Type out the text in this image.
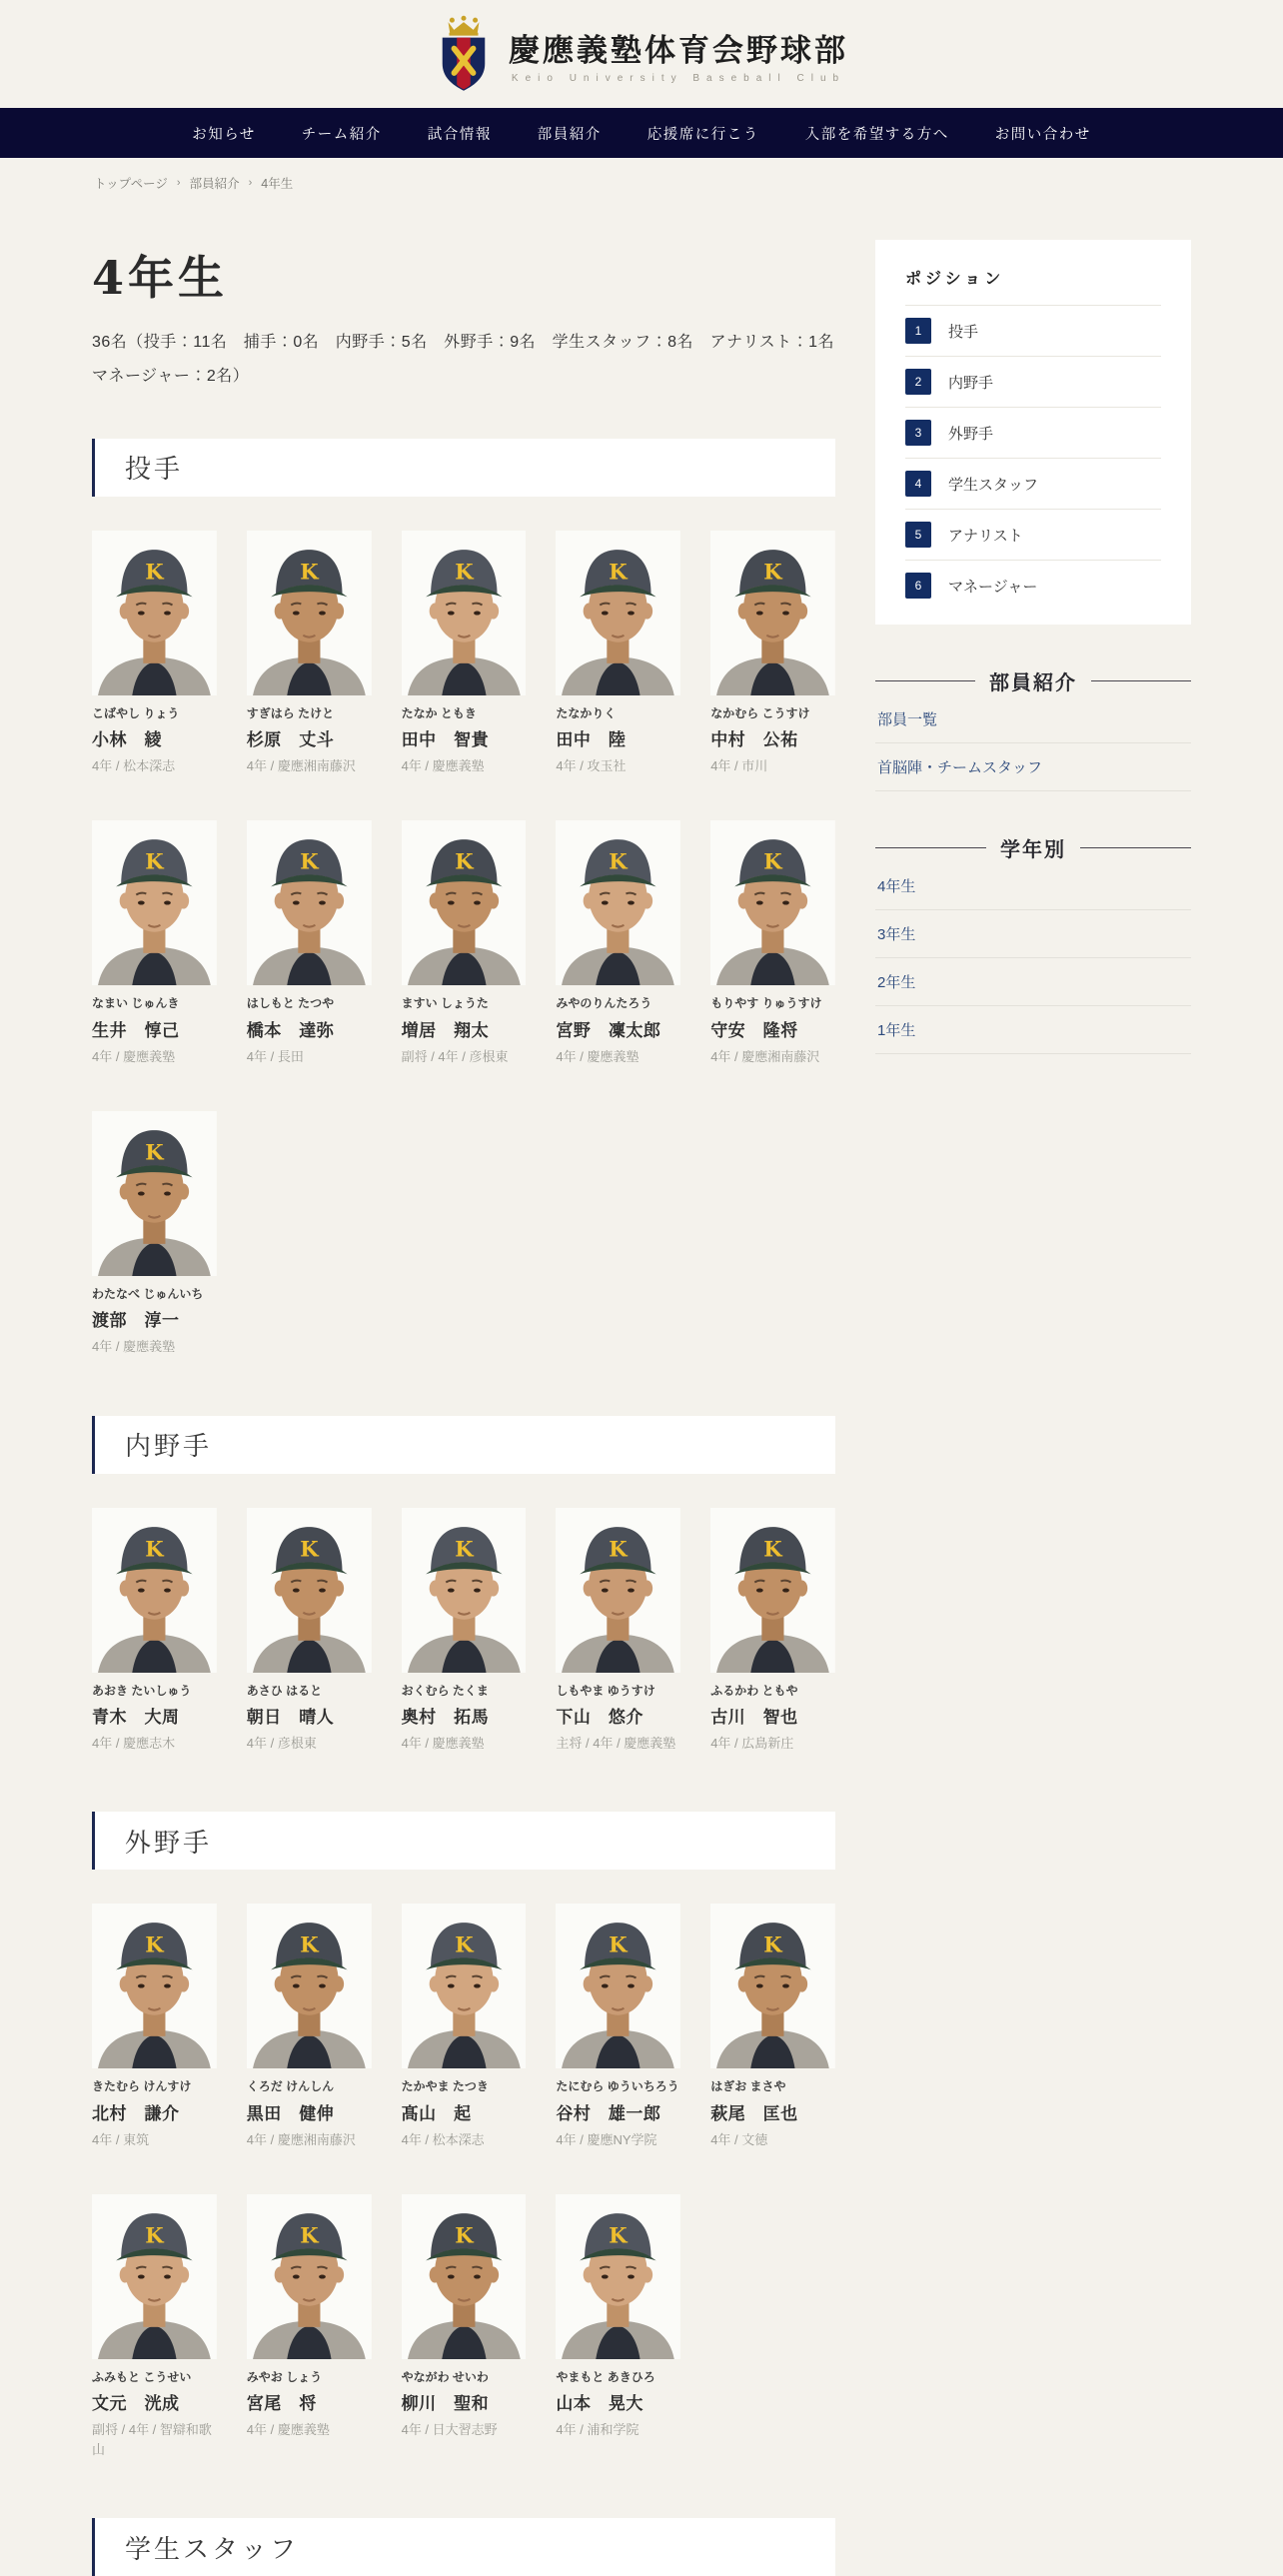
慶應義塾体育会野球部
Keio University Baseball Club
お知らせ	チーム紹介	試合情報	部員紹介	応援席に行こう	入部を希望する方へ	お問い合わせ
トップページ › 部員紹介 › 4年生
4年生

36名（投手：11名　捕手：0名　内野手：5名　外野手：9名　学生スタッフ：8名　アナリスト：1名　マネージャー：2名）

投手
K
こばやし りょう
小林　綾
4年 / 松本深志
K
すぎはら たけと
杉原　丈斗
4年 / 慶應湘南藤沢
K
たなか ともき
田中　智貴
4年 / 慶應義塾
K
たなかりく
田中　陸
4年 / 攻玉社
K
なかむら こうすけ
中村　公祐
4年 / 市川
K
なまい じゅんき
生井　惇己
4年 / 慶應義塾
K
はしもと たつや
橋本　達弥
4年 / 長田
K
ますい しょうた
増居　翔太
副将 / 4年 / 彦根東
K
みやのりんたろう
宮野　凜太郎
4年 / 慶應義塾
K
もりやす りゅうすけ
守安　隆将
4年 / 慶應湘南藤沢
K
わたなべ じゅんいち
渡部　淳一
4年 / 慶應義塾
内野手
K
あおき たいしゅう
青木　大周
4年 / 慶應志木
K
あさひ はると
朝日　晴人
4年 / 彦根東
K
おくむら たくま
奥村　拓馬
4年 / 慶應義塾
K
しもやま ゆうすけ
下山　悠介
主将 / 4年 / 慶應義塾
K
ふるかわ ともや
古川　智也
4年 / 広島新庄
外野手
K
きたむら けんすけ
北村　謙介
4年 / 東筑
K
くろだ けんしん
黒田　健伸
4年 / 慶應湘南藤沢
K
たかやま たつき
髙山　起
4年 / 松本深志
K
たにむら ゆういちろう
谷村　雄一郎
4年 / 慶應NY学院
K
はぎお まさや
萩尾　匡也
4年 / 文徳
K
ふみもと こうせい
文元　洸成
副将 / 4年 / 智辯和歌山
K
みやお しょう
宮尾　将
4年 / 慶應義塾
K
やながわ せいわ
柳川　聖和
4年 / 日大習志野
K
やまもと あきひろ
山本　晃大
4年 / 浦和学院
学生スタッフ
ポジション
1	投手
2	内野手
3	外野手
4	学生スタッフ
5	アナリスト
6	マネージャー
部員紹介
部員一覧
首脳陣・チームスタッフ
学年別
4年生
3年生
2年生
1年生
